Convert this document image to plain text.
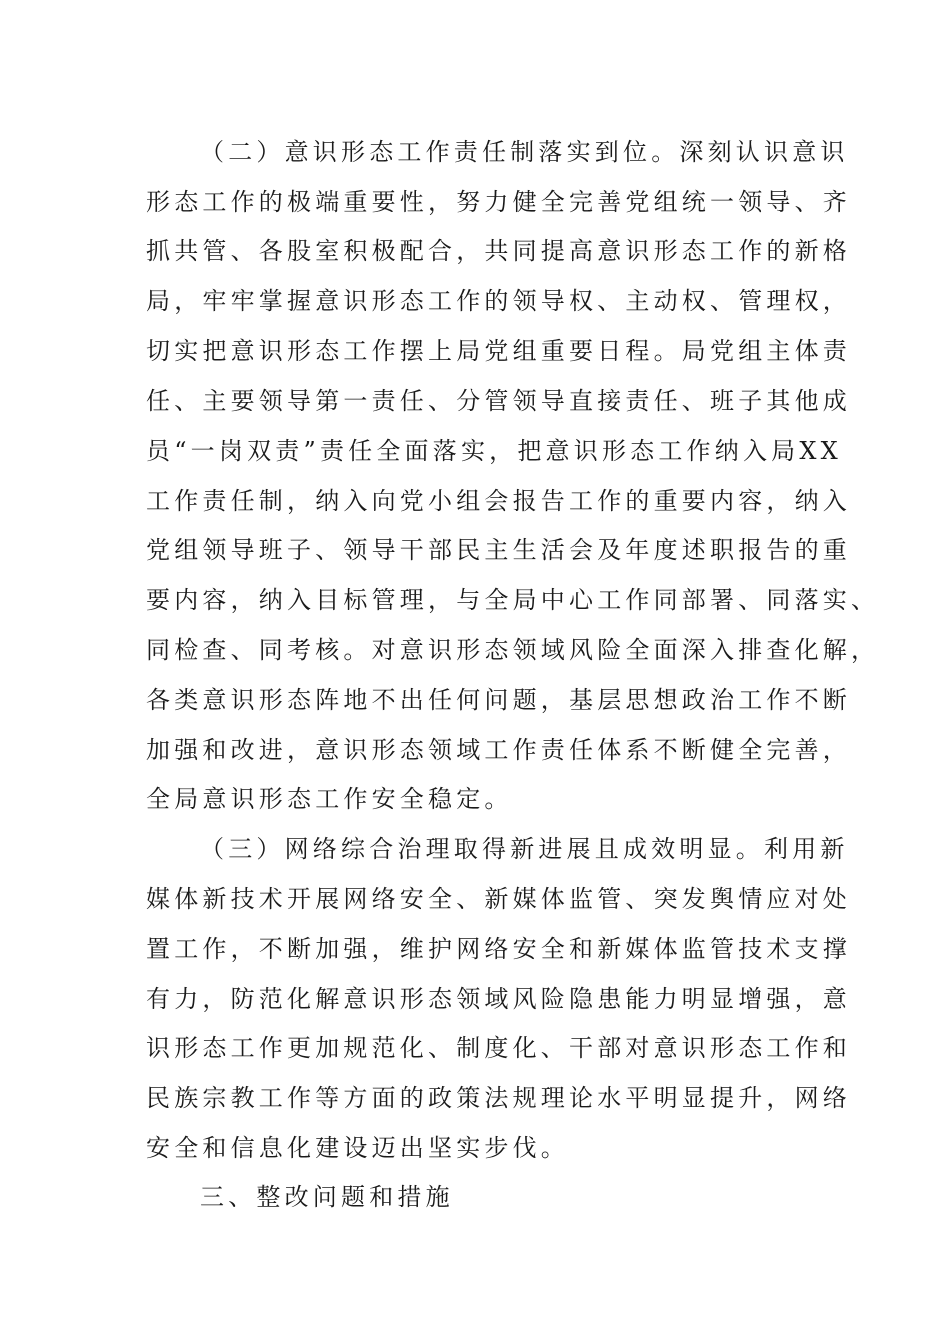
（二）意识形态工作责任制落实到位。深刻认识意识
形态工作的极端重要性，努力健全完善党组统一领导、齐
抓共管、各股室积极配合，共同提高意识形态工作的新格
局，牢牢掌握意识形态工作的领导权、主动权、管理权，
切实把意识形态工作摆上局党组重要日程。局党组主体责
任、主要领导第一责任、分管领导直接责任、班子其他成
员“一岗双责”责任全面落实，把意识形态工作纳入局XX
工作责任制，纳入向党小组会报告工作的重要内容，纳入
党组领导班子、领导干部民主生活会及年度述职报告的重
要内容，纳入目标管理，与全局中心工作同部署、同落实、
同检查、同考核。对意识形态领域风险全面深入排查化解，
各类意识形态阵地不出任何问题，基层思想政治工作不断
加强和改进，意识形态领域工作责任体系不断健全完善，
全局意识形态工作安全稳定。
（三）网络综合治理取得新进展且成效明显。利用新
媒体新技术开展网络安全、新媒体监管、突发舆情应对处
置工作，不断加强，维护网络安全和新媒体监管技术支撑
有力，防范化解意识形态领域风险隐患能力明显增强，意
识形态工作更加规范化、制度化、干部对意识形态工作和
民族宗教工作等方面的政策法规理论水平明显提升，网络
安全和信息化建设迈出坚实步伐。
三、整改问题和措施
